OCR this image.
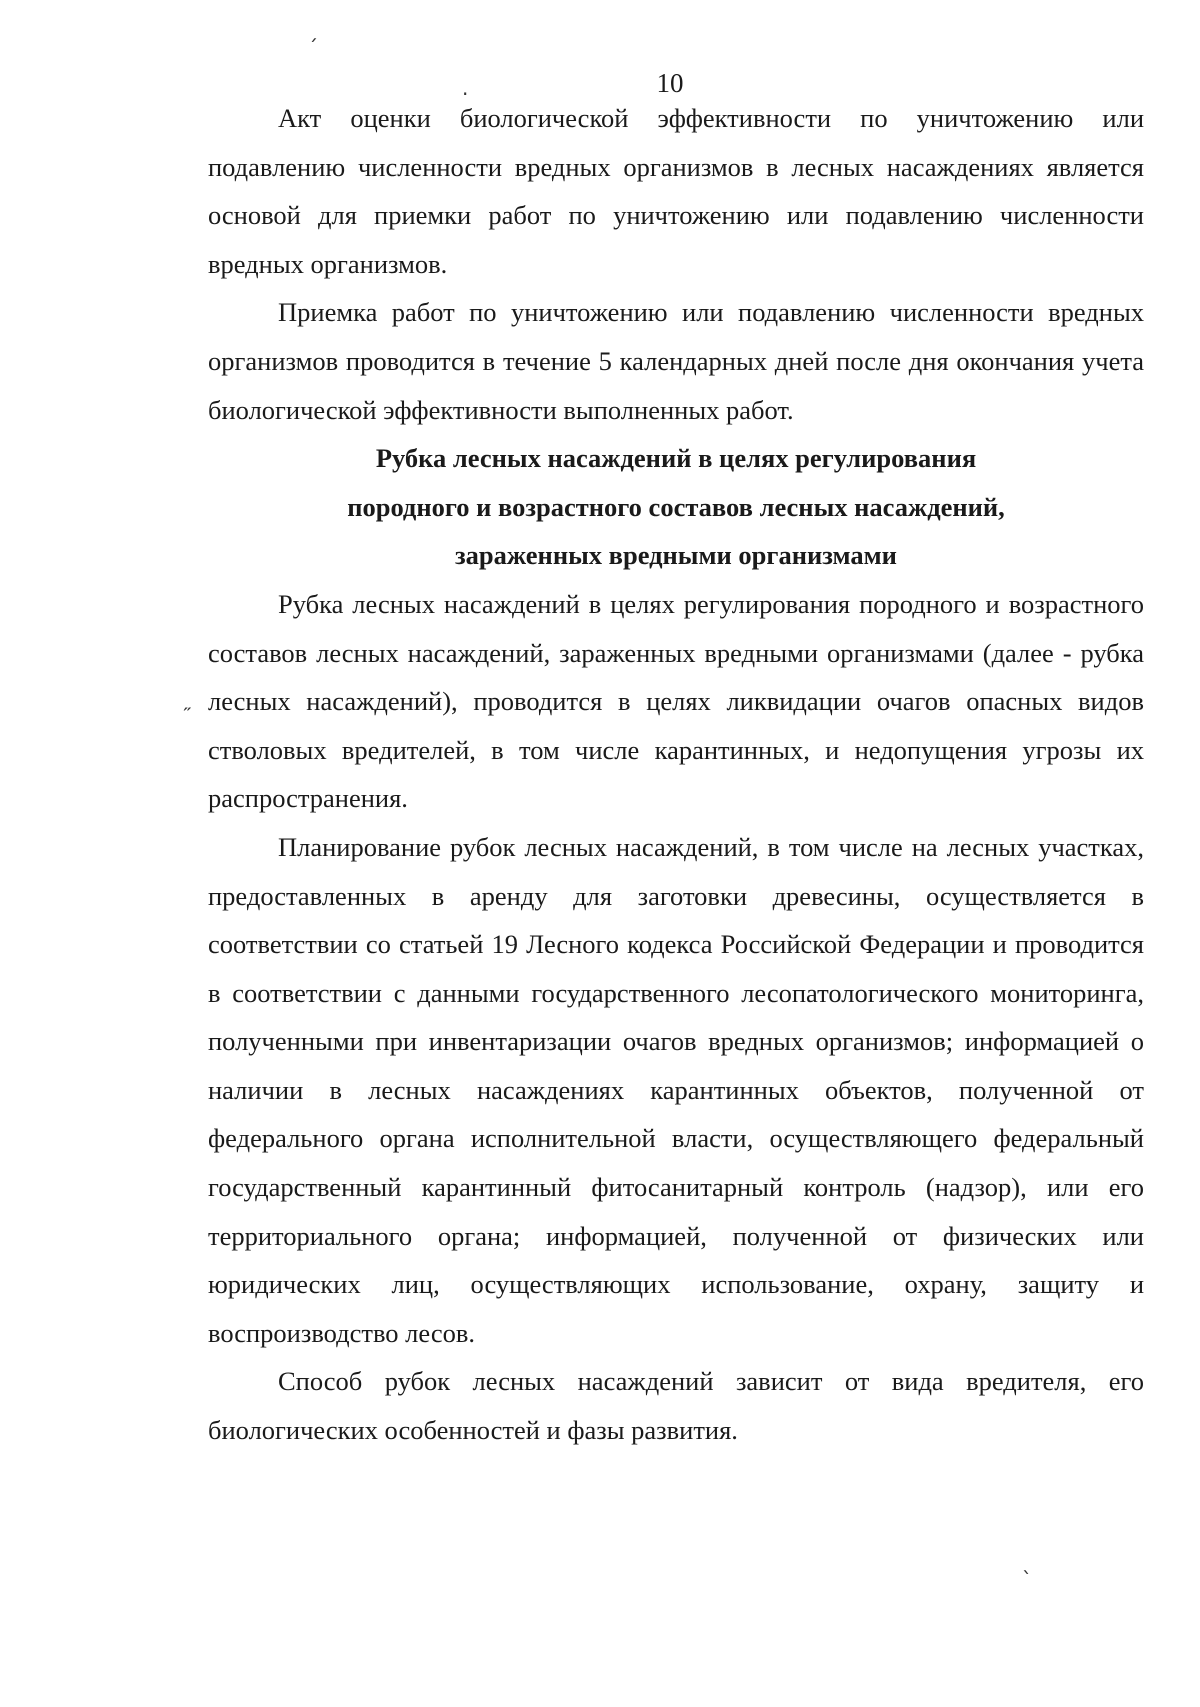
10

Акт оценки биологической эффективности по уничтожению или подавлению численности вредных организмов в лесных насаждениях является основой для приемки работ по уничтожению или подавлению численности вредных организмов.

Приемка работ по уничтожению или подавлению численности вредных организмов проводится в течение 5 календарных дней после дня окончания учета биологической эффективности выполненных работ.

Рубка лесных насаждений в целях регулирования
породного и возрастного составов лесных насаждений,
зараженных вредными организмами

Рубка лесных насаждений в целях регулирования породного и возрастного составов лесных насаждений, зараженных вредными организмами (далее - рубка лесных насаждений), проводится в целях ликвидации очагов опасных видов стволовых вредителей, в том числе карантинных, и недопущения угрозы их распространения.

Планирование рубок лесных насаждений, в том числе на лесных участках, предоставленных в аренду для заготовки древесины, осуществляется в соответствии со статьей 19 Лесного кодекса Российской Федерации и проводится в соответствии с данными государственного лесопатологического мониторинга, полученными при инвентаризации очагов вредных организмов; информацией о наличии в лесных насаждениях карантинных объектов, полученной от федерального органа исполнительной власти, осуществляющего федеральный государственный карантинный фитосанитарный контроль (надзор), или его территориального органа; информацией, полученной от физических или юридических лиц, осуществляющих использование, охрану, защиту и воспроизводство лесов.

Способ рубок лесных насаждений зависит от вида вредителя, его биологических особенностей и фазы развития.

ˏ
·
˶
ˎ
